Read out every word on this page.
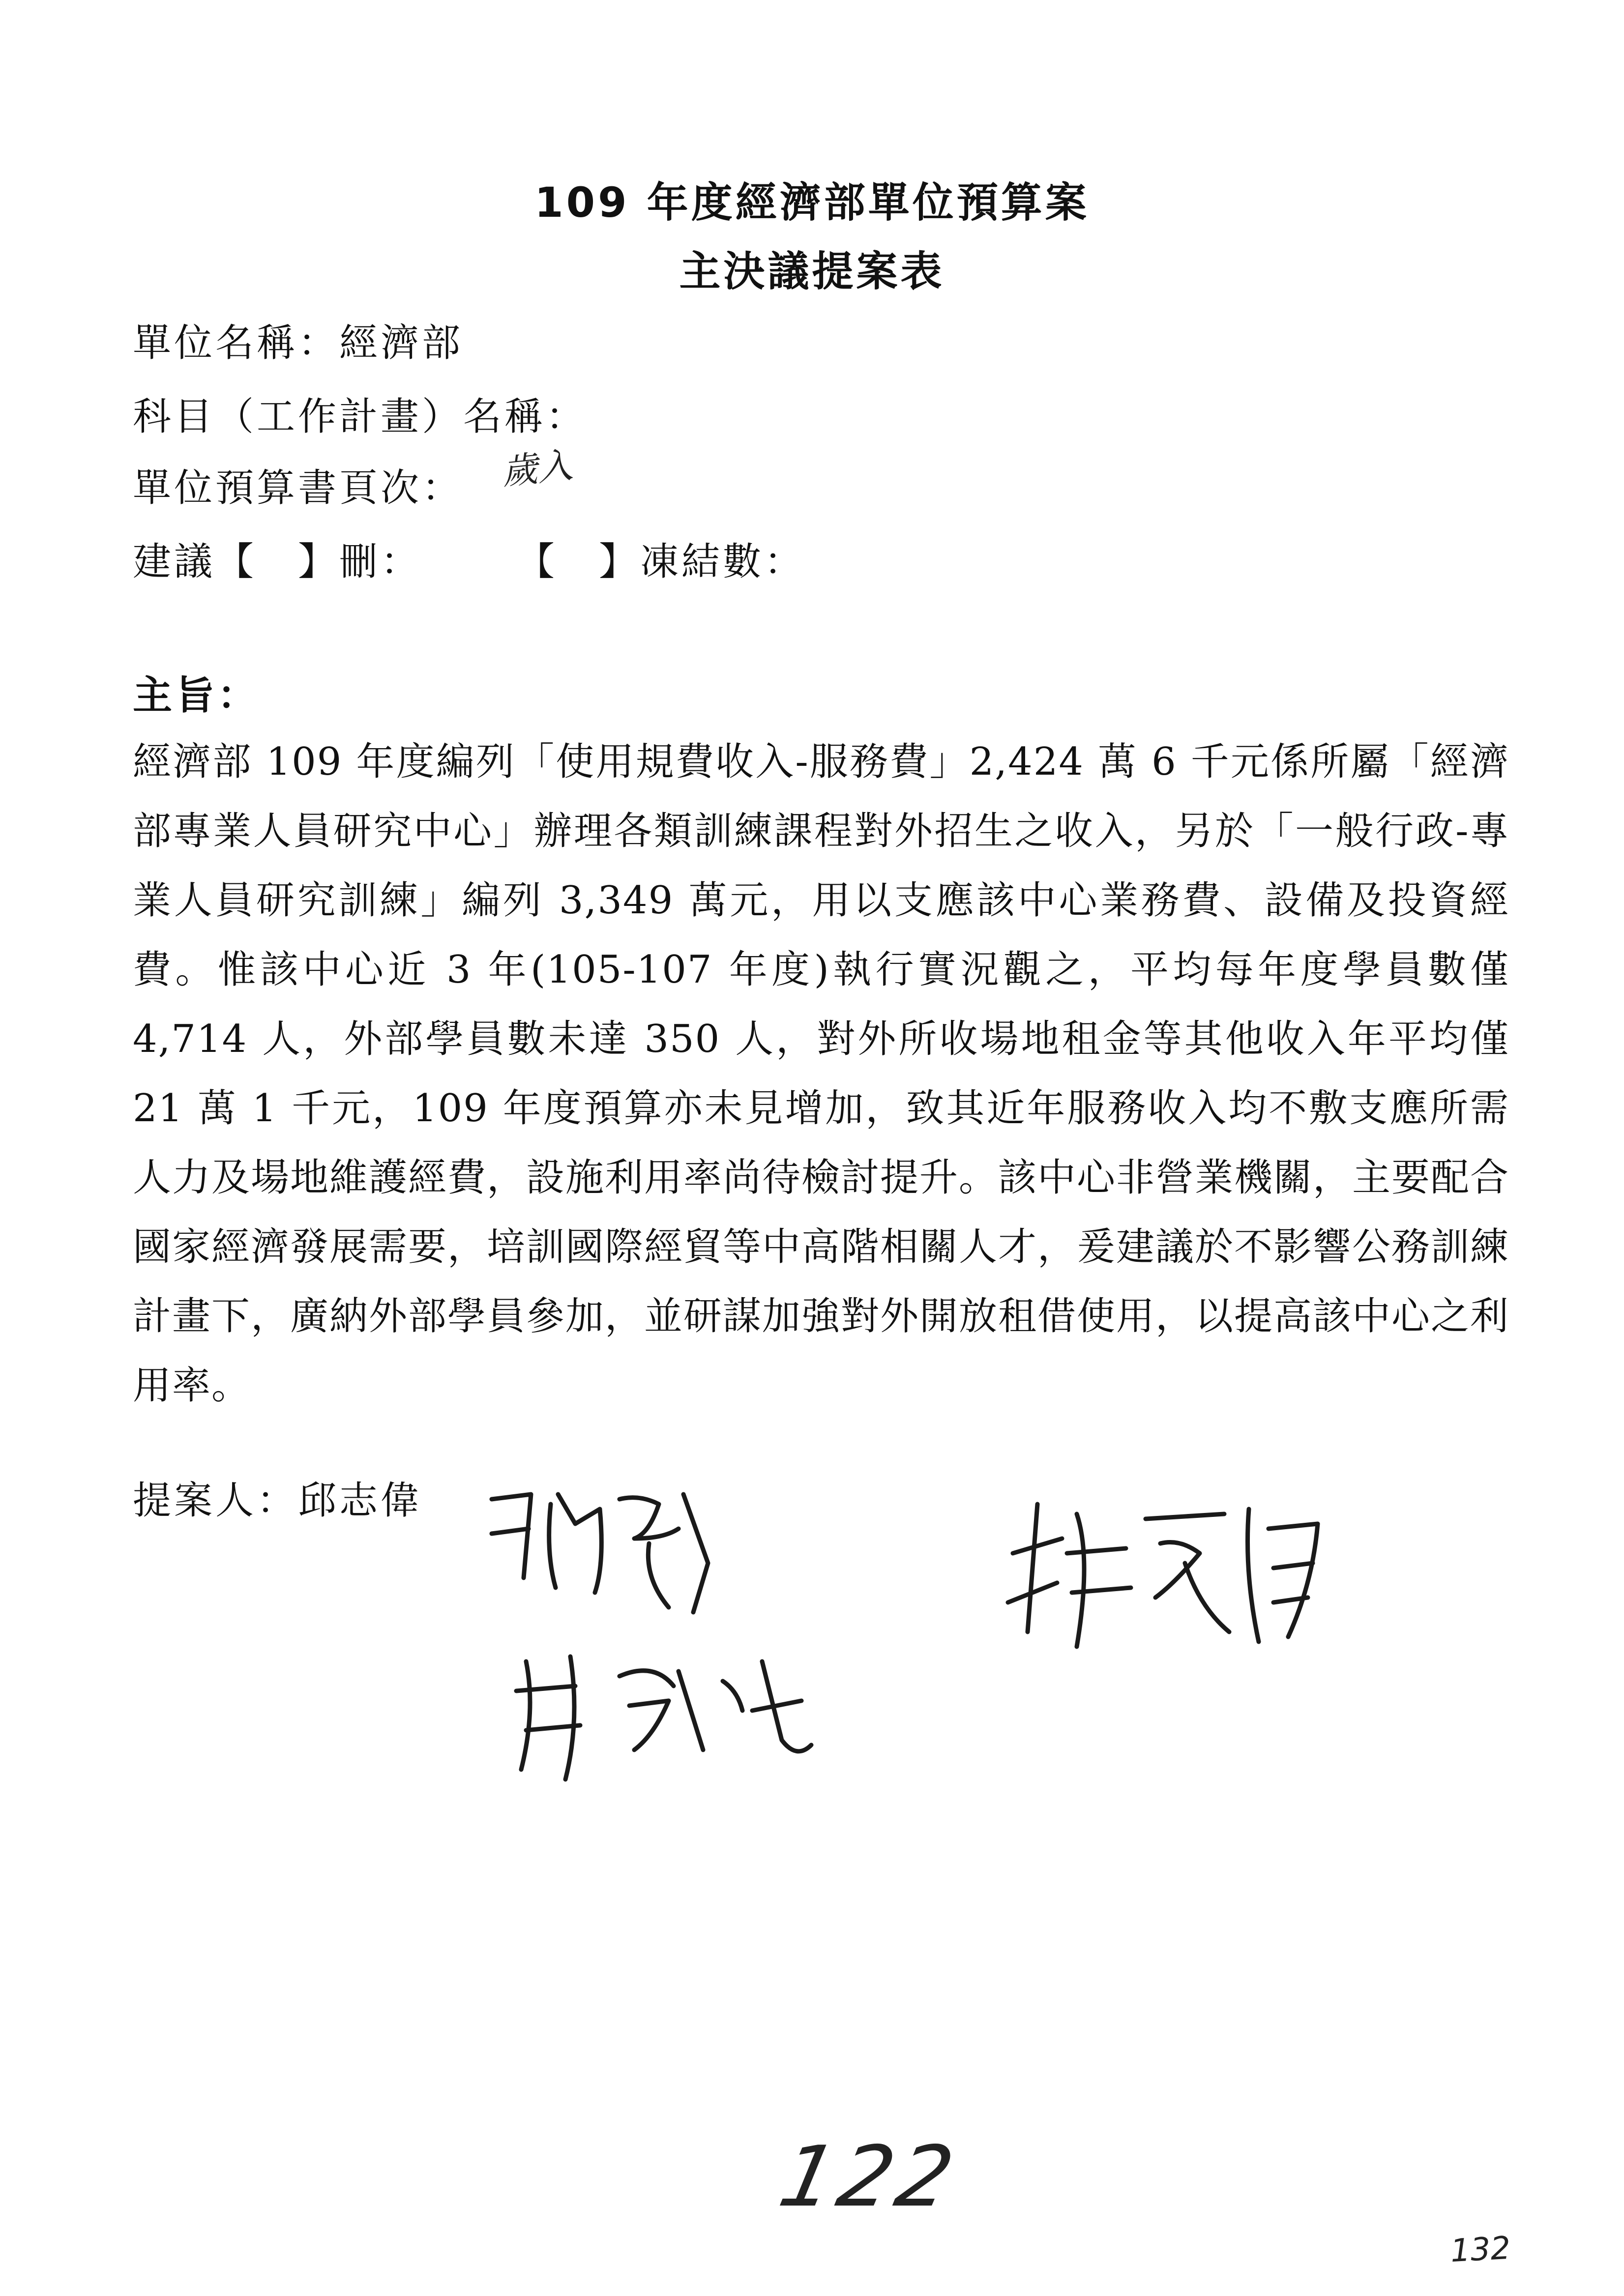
109 年度經濟部單位預算案
主決議提案表
單位名稱：經濟部
科目（工作計畫）名稱：
單位預算書頁次： 歲入
建議【　】刪： 【　】凍結數：
主旨：
經濟部 109 年度編列「使用規費收入-服務費」2,424 萬 6 千元係所屬「經濟部專業人員研究中心」辦理各類訓練課程對外招生之收入，另於「一般行政-專業人員研究訓練」編列 3,349 萬元，用以支應該中心業務費、設備及投資經費。惟該中心近 3 年(105-107 年度)執行實況觀之，平均每年度學員數僅 4,714 人，外部學員數未達 350 人，對外所收場地租金等其他收入年平均僅 21 萬 1 千元，109 年度預算亦未見增加，致其近年服務收入均不敷支應所需人力及場地維護經費，設施利用率尚待檢討提升。該中心非營業機關，主要配合國家經濟發展需要，培訓國際經貿等中高階相關人才，爰建議於不影響公務訓練計畫下，廣納外部學員參加，並研謀加強對外開放租借使用，以提高該中心之利用率。
提案人：邱志偉
122
132
